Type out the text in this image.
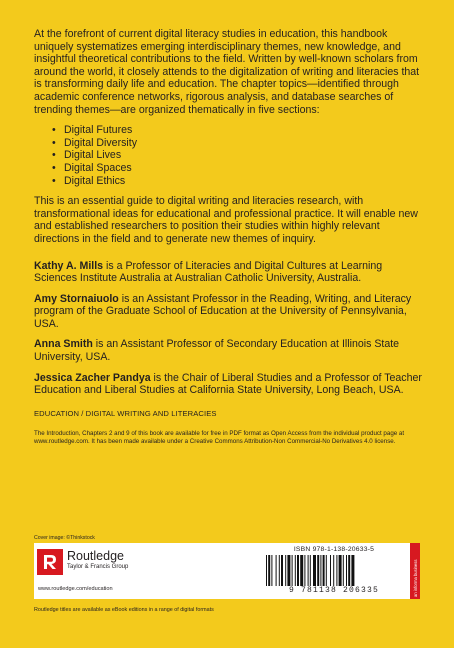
At the forefront of current digital literacy studies in education, this handbook uniquely systematizes emerging interdisciplinary themes, new knowledge, and insightful theoretical contributions to the field. Written by well-known scholars from around the world, it closely attends to the digitalization of writing and literacies that is transforming daily life and education. The chapter topics—identified through academic conference networks, rigorous analysis, and database searches of trending themes—are organized thematically in five sections:

• Digital Futures
• Digital Diversity
• Digital Lives
• Digital Spaces
• Digital Ethics

This is an essential guide to digital writing and literacies research, with transformational ideas for educational and professional practice. It will enable new and established researchers to position their studies within highly relevant directions in the field and to generate new themes of inquiry.

Kathy A. Mills is a Professor of Literacies and Digital Cultures at Learning Sciences Institute Australia at Australian Catholic University, Australia.

Amy Stornaiuolo is an Assistant Professor in the Reading, Writing, and Literacy program of the Graduate School of Education at the University of Pennsylvania, USA.

Anna Smith is an Assistant Professor of Secondary Education at Illinois State University, USA.

Jessica Zacher Pandya is the Chair of Liberal Studies and a Professor of Teacher Education and Liberal Studies at California State University, Long Beach, USA.

EDUCATION / DIGITAL WRITING AND LITERACIES

The Introduction, Chapters 2 and 9 of this book are available for free in PDF format as Open Access from the individual product page at www.routledge.com. It has been made available under a Creative Commons Attribution-Non Commercial-No Derivatives 4.0 license.

Cover image: ©Thinkstock
Routledge
Taylor & Francis Group
www.routledge.com/education
ISBN 978-1-138-20633-5
9 781138 206335	an informa business
Routledge titles are available as eBook editions in a range of digital formats
